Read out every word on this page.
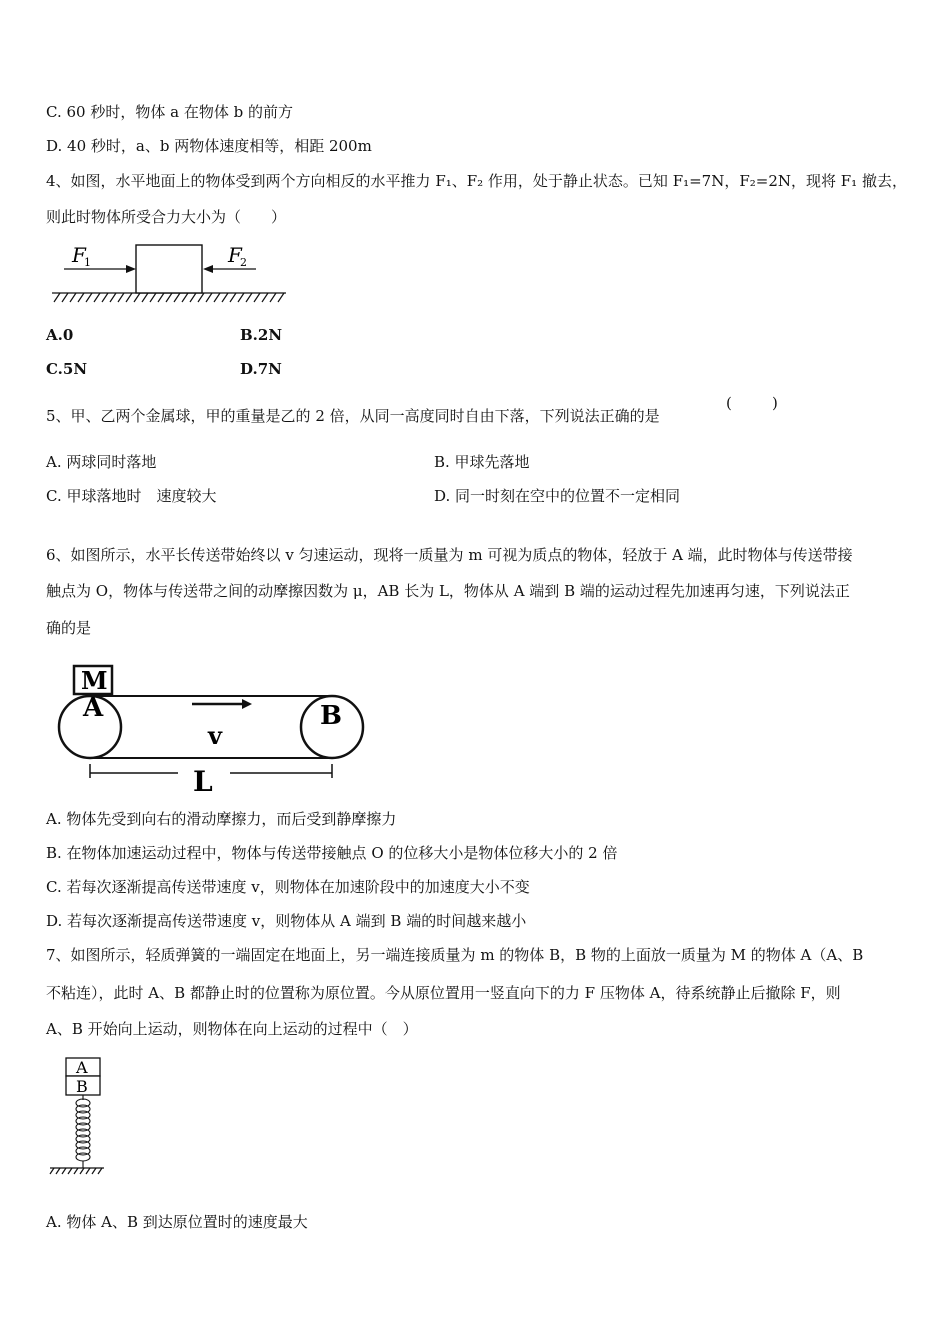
C. 60 秒时，物体 a 在物体 b 的前方
D. 40 秒时，a、b 两物体速度相等，相距 200m
4、如图，水平地面上的物体受到两个方向相反的水平推力 F₁、F₂ 作用，处于静止状态。已知 F₁=7N，F₂=2N，现将 F₁ 撤去，
则此时物体所受合力大小为（　　）
F
1	F
2
A.0	B.2N
C.5N	D.7N
5、甲、乙两个金属球，甲的重量是乙的 2 倍，从同一高度同时自由下落，下列说法正确的是
(	)
A. 两球同时落地	B. 甲球先落地
C. 甲球落地时　速度较大	D. 同一时刻在空中的位置不一定相同
6、如图所示，水平长传送带始终以 v 匀速运动，现将一质量为 m 可视为质点的物体，轻放于 A 端，此时物体与传送带接
触点为 O，物体与传送带之间的动摩擦因数为 μ，AB 长为 L，物体从 A 端到 B 端的运动过程先加速再匀速，下列说法正
确的是
M
A	B
v
L
A. 物体先受到向右的滑动摩擦力，而后受到静摩擦力
B. 在物体加速运动过程中，物体与传送带接触点 O 的位移大小是物体位移大小的 2 倍
C. 若每次逐渐提高传送带速度 v，则物体在加速阶段中的加速度大小不变
D. 若每次逐渐提高传送带速度 v，则物体从 A 端到 B 端的时间越来越小
7、如图所示，轻质弹簧的一端固定在地面上，另一端连接质量为 m 的物体 B，B 物的上面放一质量为 M 的物体 A（A、B
不粘连），此时 A、B 都静止时的位置称为原位置。今从原位置用一竖直向下的力 F 压物体 A，待系统静止后撤除 F，则
A、B 开始向上运动，则物体在向上运动的过程中（　）
A
B
A. 物体 A、B 到达原位置时的速度最大
